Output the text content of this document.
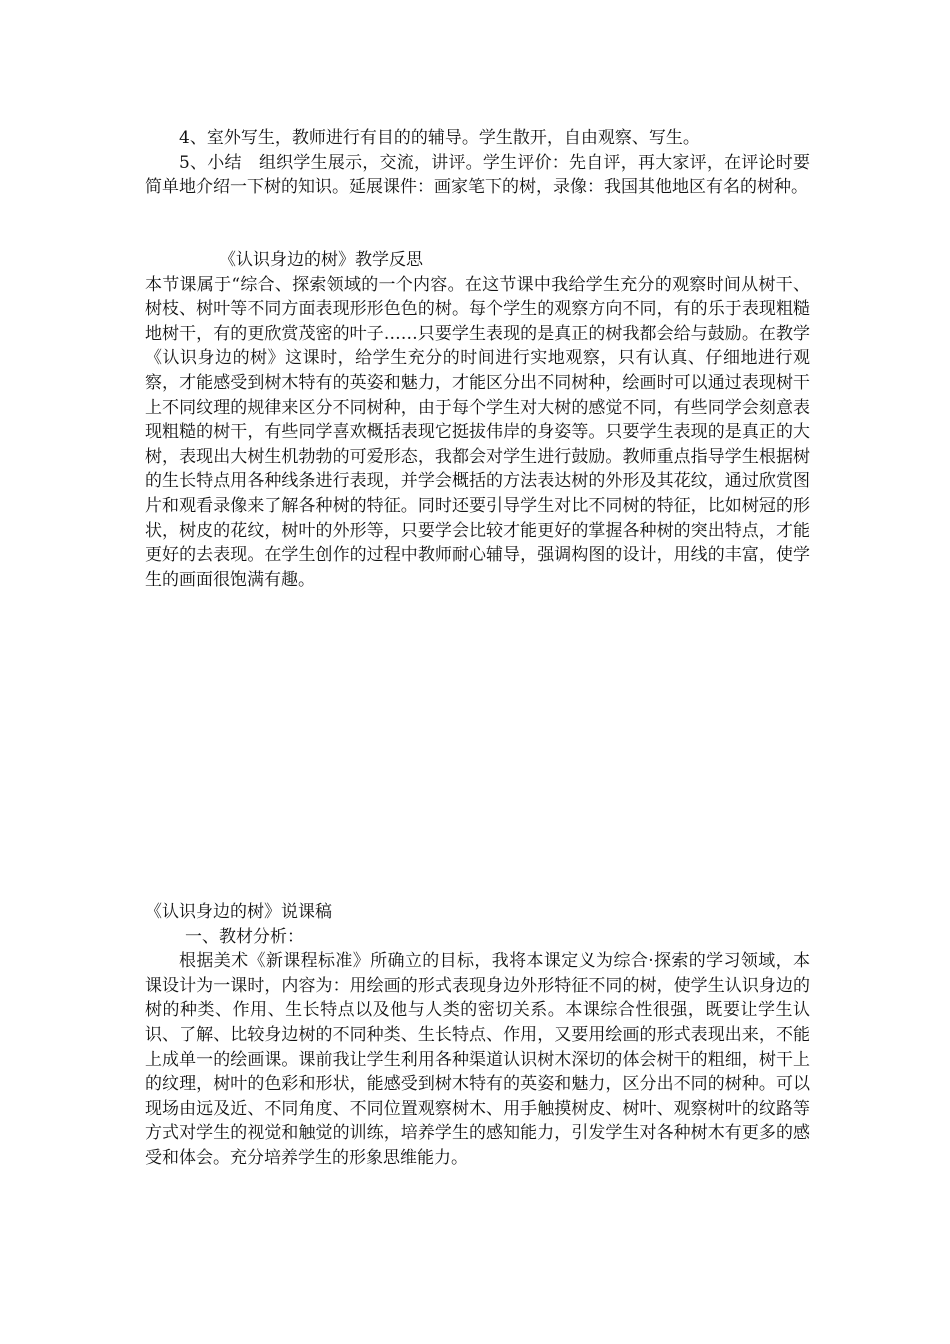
4、室外写生，教师进行有目的的辅导。学生散开，自由观察、写生。

5、小结　组织学生展示，交流，讲评。学生评价：先自评，再大家评，在评论时要简单地介绍一下树的知识。延展课件：画家笔下的树，录像：我国其他地区有名的树种。

《认识身边的树》教学反思

本节课属于“综合、探索领域的一个内容。在这节课中我给学生充分的观察时间从树干、树枝、树叶等不同方面表现形形色色的树。每个学生的观察方向不同，有的乐于表现粗糙地树干，有的更欣赏茂密的叶子……只要学生表现的是真正的树我都会给与鼓励。在教学《认识身边的树》这课时，给学生充分的时间进行实地观察，只有认真、仔细地进行观察，才能感受到树木特有的英姿和魅力，才能区分出不同树种，绘画时可以通过表现树干上不同纹理的规律来区分不同树种，由于每个学生对大树的感觉不同，有些同学会刻意表现粗糙的树干，有些同学喜欢概括表现它挺拔伟岸的身姿等。只要学生表现的是真正的大树，表现出大树生机勃勃的可爱形态，我都会对学生进行鼓励。教师重点指导学生根据树的生长特点用各种线条进行表现，并学会概括的方法表达树的外形及其花纹，通过欣赏图片和观看录像来了解各种树的特征。同时还要引导学生对比不同树的特征，比如树冠的形状，树皮的花纹，树叶的外形等，只要学会比较才能更好的掌握各种树的突出特点，才能更好的去表现。在学生创作的过程中教师耐心辅导，强调构图的设计，用线的丰富，使学生的画面很饱满有趣。

《认识身边的树》说课稿

一、教材分析：

根据美术《新课程标准》所确立的目标，我将本课定义为综合·探索的学习领域，本课设计为一课时，内容为：用绘画的形式表现身边外形特征不同的树，使学生认识身边的树的种类、作用、生长特点以及他与人类的密切关系。本课综合性很强，既要让学生认识、了解、比较身边树的不同种类、生长特点、作用，又要用绘画的形式表现出来，不能上成单一的绘画课。课前我让学生利用各种渠道认识树木深切的体会树干的粗细，树干上的纹理，树叶的色彩和形状，能感受到树木特有的英姿和魅力，区分出不同的树种。可以现场由远及近、不同角度、不同位置观察树木、用手触摸树皮、树叶、观察树叶的纹路等方式对学生的视觉和触觉的训练，培养学生的感知能力，引发学生对各种树木有更多的感受和体会。充分培养学生的形象思维能力。
